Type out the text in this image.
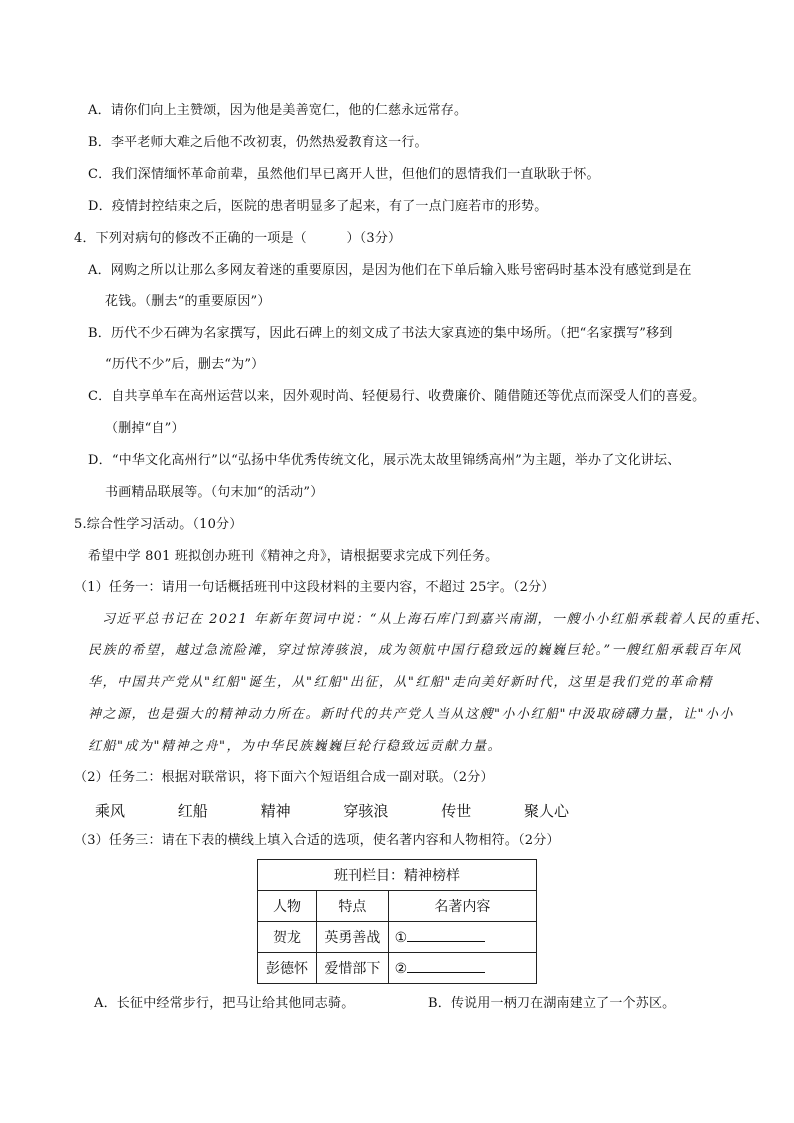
A．请你们向上主赞颂，因为他是美善宽仁，他的仁慈永远常存。
B．李平老师大难之后他不改初衷，仍然热爱教育这一行。
C．我们深情缅怀革命前辈，虽然他们早已离开人世，但他们的恩情我们一直耿耿于怀。
D．疫情封控结束之后，医院的患者明显多了起来，有了一点门庭若市的形势。
4．下列对病句的修改不正确的一项是（　　　）（3分）
A．网购之所以让那么多网友着迷的重要原因，是因为他们在下单后输入账号密码时基本没有感觉到是在
花钱。（删去“的重要原因”）
B．历代不少石碑为名家撰写，因此石碑上的刻文成了书法大家真迹的集中场所。（把“名家撰写”移到
“历代不少”后，删去“为”）
C．自共享单车在高州运营以来，因外观时尚、轻便易行、收费廉价、随借随还等优点而深受人们的喜爱。
（删掉“自”）
D．“中华文化高州行”以“弘扬中华优秀传统文化，展示冼太故里锦绣高州”为主题，举办了文化讲坛、
书画精品联展等。（句末加“的活动”）
5.综合性学习活动。（10分）
希望中学 801 班拟创办班刊《精神之舟》，请根据要求完成下列任务。
（1）任务一：请用一句话概括班刊中这段材料的主要内容，不超过 25字。（2分）
习近平总书记在 2021 年新年贺词中说：“从上海石库门到嘉兴南湖，一艘小小红船承载着人民的重托、
民族的希望，越过急流险滩，穿过惊涛骇浪，成为领航中国行稳致远的巍巍巨轮。”一艘红船承载百年风
华，中国共产党从"红船"诞生，从"红船"出征，从"红船"走向美好新时代，这里是我们党的革命精
神之源，也是强大的精神动力所在。新时代的共产党人当从这艘"小小红船"中汲取磅礴力量，让"小小
红船"成为"精神之舟"，为中华民族巍巍巨轮行稳致远贡献力量。
（2）任务二：根据对联常识，将下面六个短语组合成一副对联。（2分）
乘风	红船	精神	穿骇浪	传世	聚人心
（3）任务三：请在下表的横线上填入合适的选项，使名著内容和人物相符。（2分）
班刊栏目：精神榜样		
人物	特点	名著内容
贺龙	英勇善战	①
彭德怀	爱惜部下	②
A．长征中经常步行，把马让给其他同志骑。	B．传说用一柄刀在湖南建立了一个苏区。
